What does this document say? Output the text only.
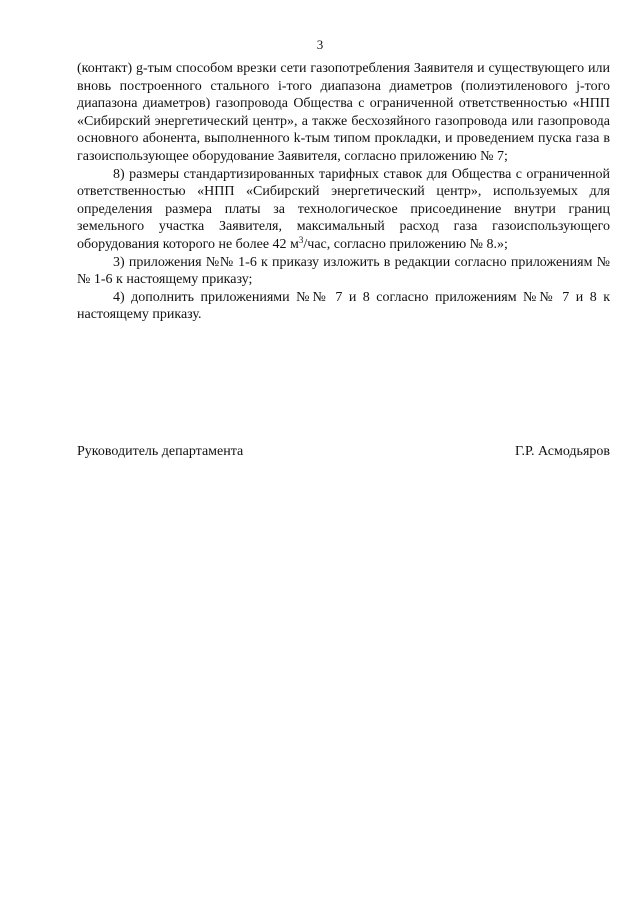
3

(контакт) g-тым способом врезки сети газопотребления Заявителя и существующего или вновь построенного стального i-того диапазона диаметров (полиэтиленового j-того диапазона диаметров) газопровода Общества с ограниченной ответственностью «НПП «Сибирский энергетический центр», а также бесхозяйного газопровода или газопровода основного абонента, выполненного k-тым типом прокладки, и проведением пуска газа в газоиспользующее оборудование Заявителя, согласно приложению № 7;

8) размеры стандартизированных тарифных ставок для Общества с ограниченной ответственностью «НПП «Сибирский энергетический центр», используемых для определения размера платы за технологическое присоединение внутри границ земельного участка Заявителя, максимальный расход газа газоиспользующего оборудования которого не более 42 $м^3$/час, согласно приложению № 8.»;

3) приложения №№ 1-6 к приказу изложить в редакции согласно приложениям №№ 1-6 к настоящему приказу;

4) дополнить приложениями №№ 7 и 8 согласно приложениям №№ 7 и 8 к настоящему приказу.

Руководитель департамента	Г.Р. Асмодьяров
